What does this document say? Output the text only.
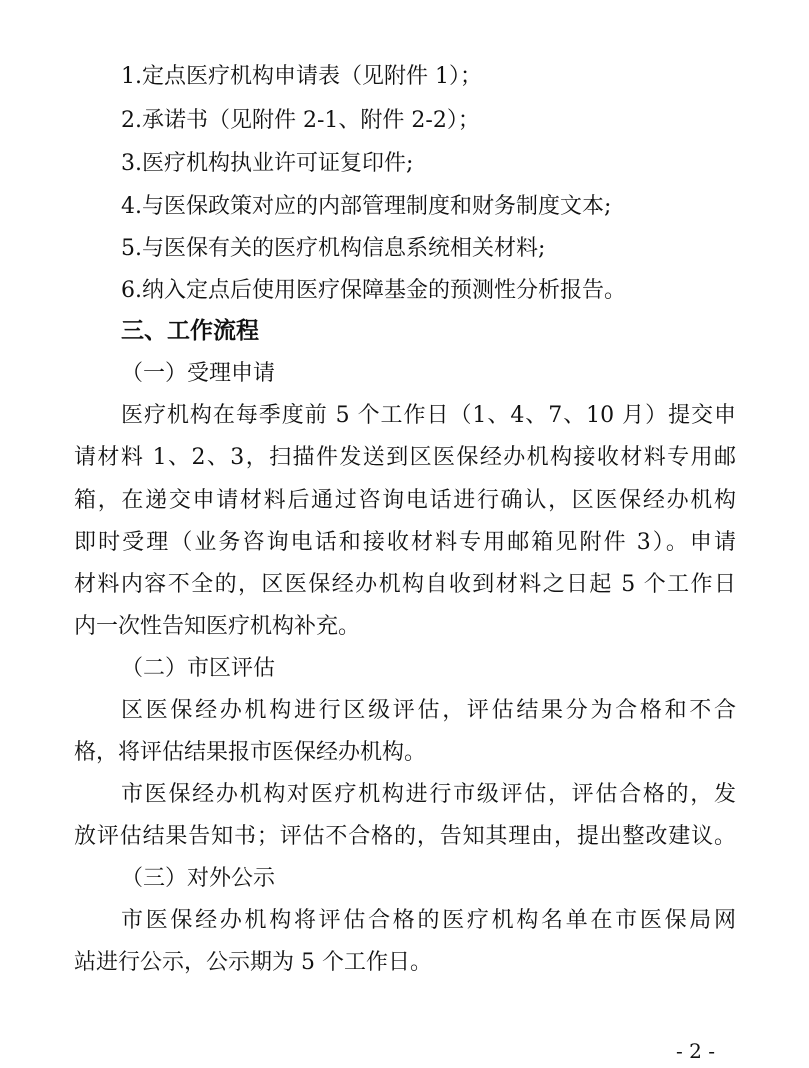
1.定点医疗机构申请表（见附件 1）；
2.承诺书（见附件 2-1、附件 2-2）；
3.医疗机构执业许可证复印件;
4.与医保政策对应的内部管理制度和财务制度文本;
5.与医保有关的医疗机构信息系统相关材料;
6.纳入定点后使用医疗保障基金的预测性分析报告。
三、工作流程
（一）受理申请
医疗机构在每季度前 5 个工作日（1、4、7、10 月）提交申
请材料 1、2、3，扫描件发送到区医保经办机构接收材料专用邮
箱，在递交申请材料后通过咨询电话进行确认，区医保经办机构
即时受理（业务咨询电话和接收材料专用邮箱见附件 3）。申请
材料内容不全的，区医保经办机构自收到材料之日起 5 个工作日
内一次性告知医疗机构补充。
（二）市区评估
区医保经办机构进行区级评估，评估结果分为合格和不合
格，将评估结果报市医保经办机构。
市医保经办机构对医疗机构进行市级评估，评估合格的，发
放评估结果告知书；评估不合格的，告知其理由，提出整改建议。
（三）对外公示
市医保经办机构将评估合格的医疗机构名单在市医保局网
站进行公示，公示期为 5 个工作日。
- 2 -
